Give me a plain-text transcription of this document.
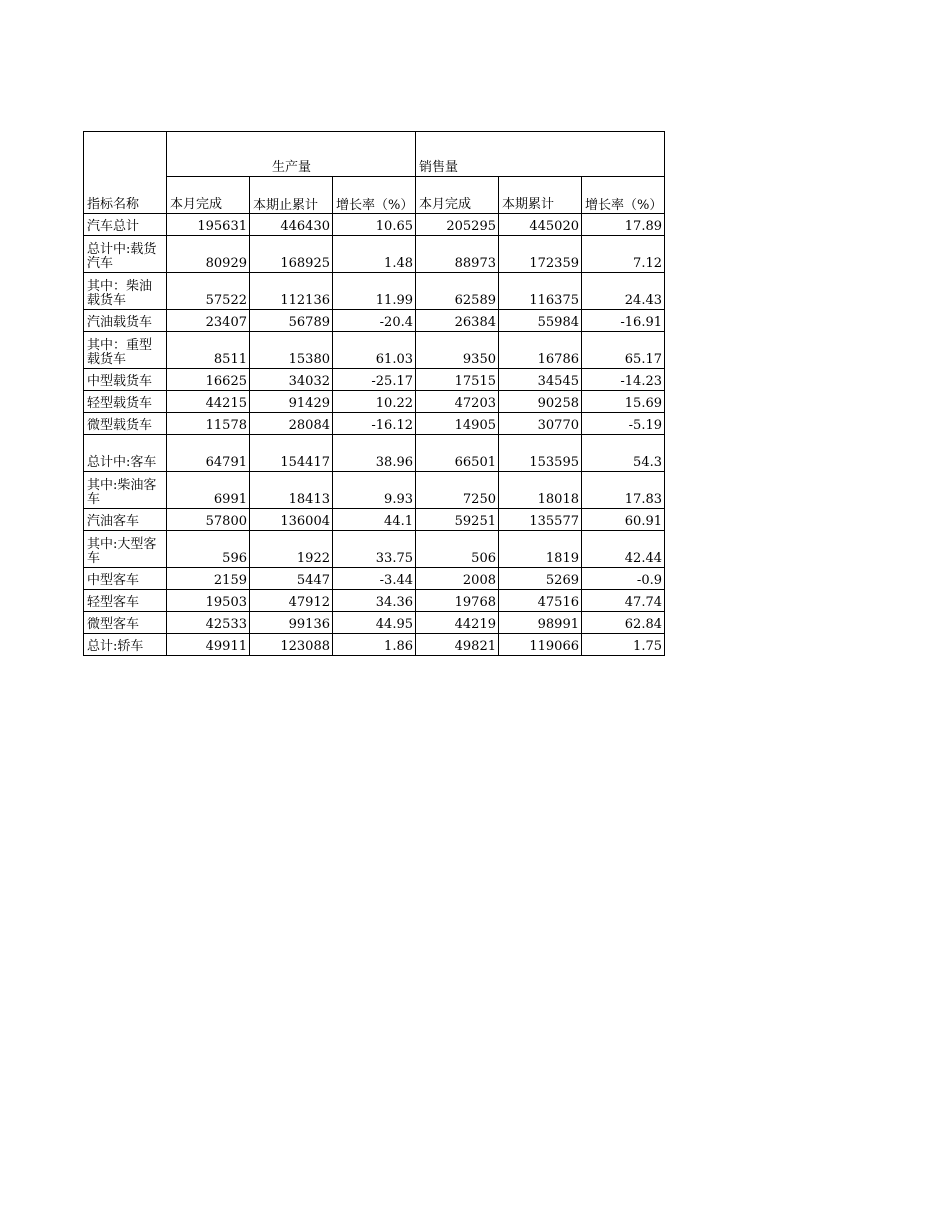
指标名称	生产量			销售量		
	本月完成	本期止累计	增长率（%）	本月完成	本期累计	增长率（%）
汽车总计	195631	446430	10.65	205295	445020	17.89
总计中:载货汽车	80929	168925	1.48	88973	172359	7.12
其中：柴油载货车	57522	112136	11.99	62589	116375	24.43
汽油载货车	23407	56789	-20.4	26384	55984	-16.91
其中：重型载货车	8511	15380	61.03	9350	16786	65.17
中型载货车	16625	34032	-25.17	17515	34545	-14.23
轻型载货车	44215	91429	10.22	47203	90258	15.69
微型载货车	11578	28084	-16.12	14905	30770	-5.19
总计中:客车	64791	154417	38.96	66501	153595	54.3
其中:柴油客车	6991	18413	9.93	7250	18018	17.83
汽油客车	57800	136004	44.1	59251	135577	60.91
其中:大型客车	596	1922	33.75	506	1819	42.44
中型客车	2159	5447	-3.44	2008	5269	-0.9
轻型客车	19503	47912	34.36	19768	47516	47.74
微型客车	42533	99136	44.95	44219	98991	62.84
总计:轿车	49911	123088	1.86	49821	119066	1.75
